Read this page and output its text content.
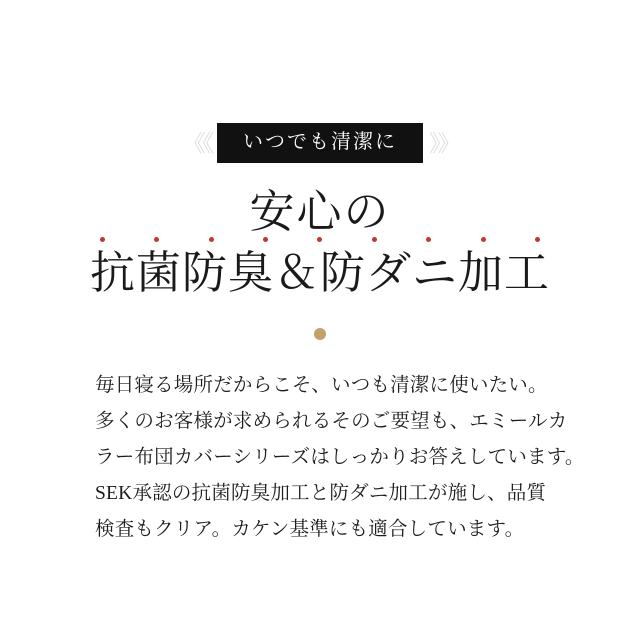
《《	いつでも清潔に	》》
安心の
抗菌防臭＆防ダニ加工

毎日寝る場所だからこそ、いつも清潔に使いたい。

多くのお客様が求められるそのご要望も、エミールカ

ラー布団カバーシリーズはしっかりお答えしています。

SEK承認の抗菌防臭加工と防ダニ加工が施し、品質

検査もクリア。カケン基準にも適合しています。
